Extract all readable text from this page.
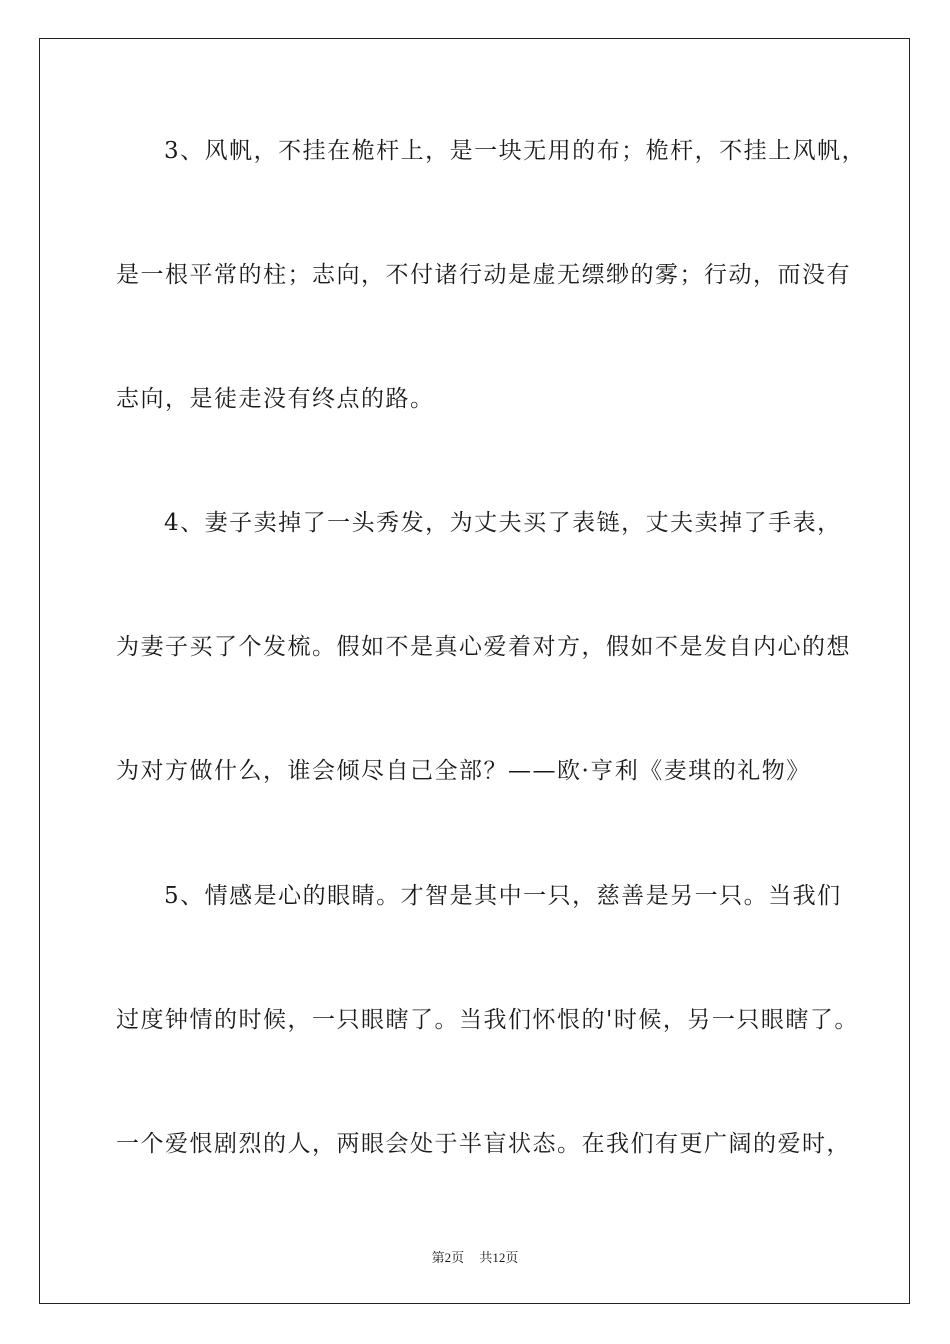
3、风帆，不挂在桅杆上，是一块无用的布；桅杆，不挂上风帆，
是一根平常的柱；志向，不付诸行动是虚无缥缈的雾；行动，而没有
志向，是徒走没有终点的路。
4、妻子卖掉了一头秀发，为丈夫买了表链，丈夫卖掉了手表，
为妻子买了个发梳。假如不是真心爱着对方，假如不是发自内心的想
为对方做什么，谁会倾尽自己全部？——欧·亨利《麦琪的礼物》
5、情感是心的眼睛。才智是其中一只，慈善是另一只。当我们
过度钟情的时候，一只眼瞎了。当我们怀恨的'时候，另一只眼瞎了。
一个爱恨剧烈的人，两眼会处于半盲状态。在我们有更广阔的爱时，
第2页 共12页
